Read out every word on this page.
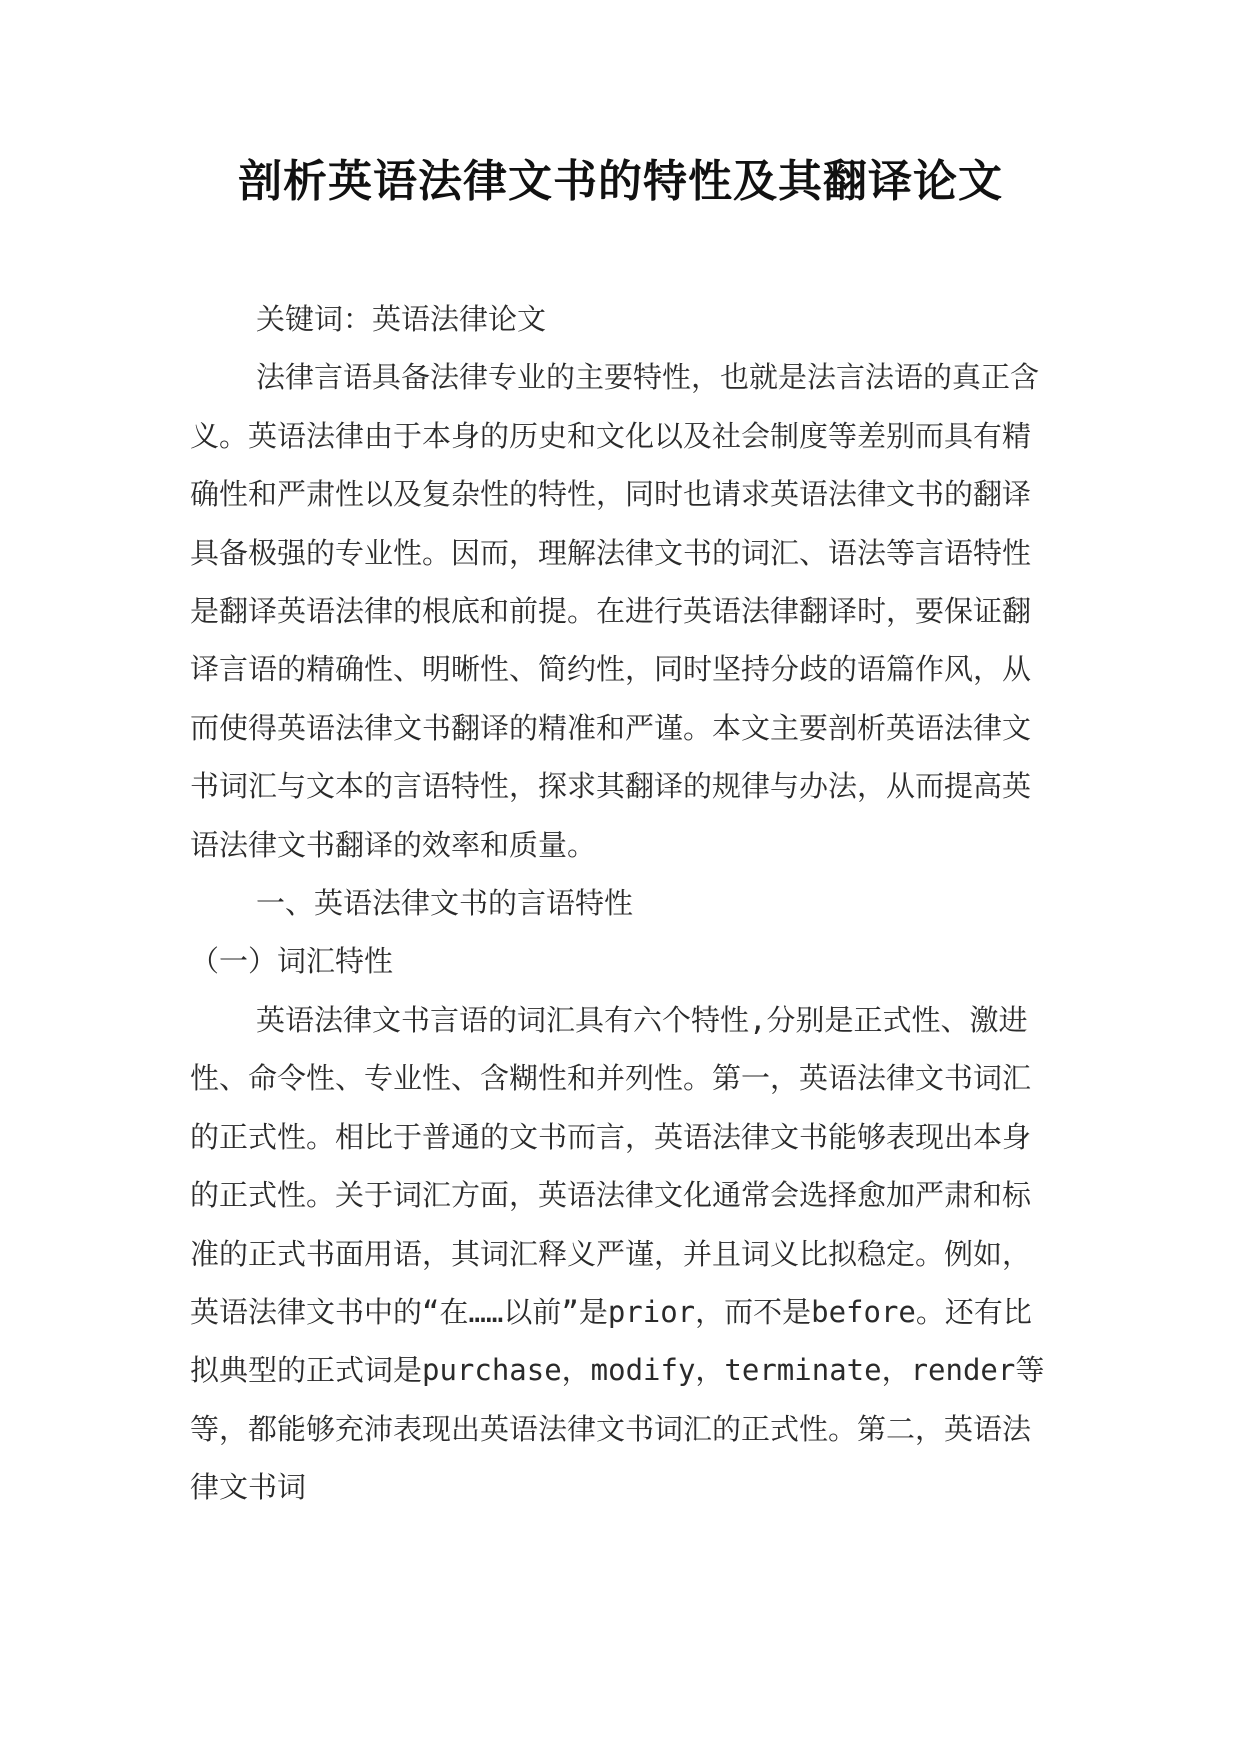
剖析英语法律文书的特性及其翻译论文

关键词：英语法律论文

法律言语具备法律专业的主要特性，也就是法言法语的真正含义。英语法律由于本身的历史和文化以及社会制度等差别而具有精确性和严肃性以及复杂性的特性，同时也请求英语法律文书的翻译具备极强的专业性。因而，理解法律文书的词汇、语法等言语特性是翻译英语法律的根底和前提。在进行英语法律翻译时，要保证翻译言语的精确性、明晰性、简约性，同时坚持分歧的语篇作风，从而使得英语法律文书翻译的精准和严谨。本文主要剖析英语法律文书词汇与文本的言语特性，探求其翻译的规律与办法，从而提高英语法律文书翻译的效率和质量。

一、英语法律文书的言语特性

（一）词汇特性

英语法律文书言语的词汇具有六个特性,分别是正式性、激进性、命令性、专业性、含糊性和并列性。第一，英语法律文书词汇的正式性。相比于普通的文书而言，英语法律文书能够表现出本身的正式性。关于词汇方面，英语法律文化通常会选择愈加严肃和标准的正式书面用语，其词汇释义严谨，并且词义比拟稳定。例如，英语法律文书中的“在……以前”是prior，而不是before。还有比拟典型的正式词是purchase，modify，terminate，render等等，都能够充沛表现出英语法律文书词汇的正式性。第二，英语法律文书词
